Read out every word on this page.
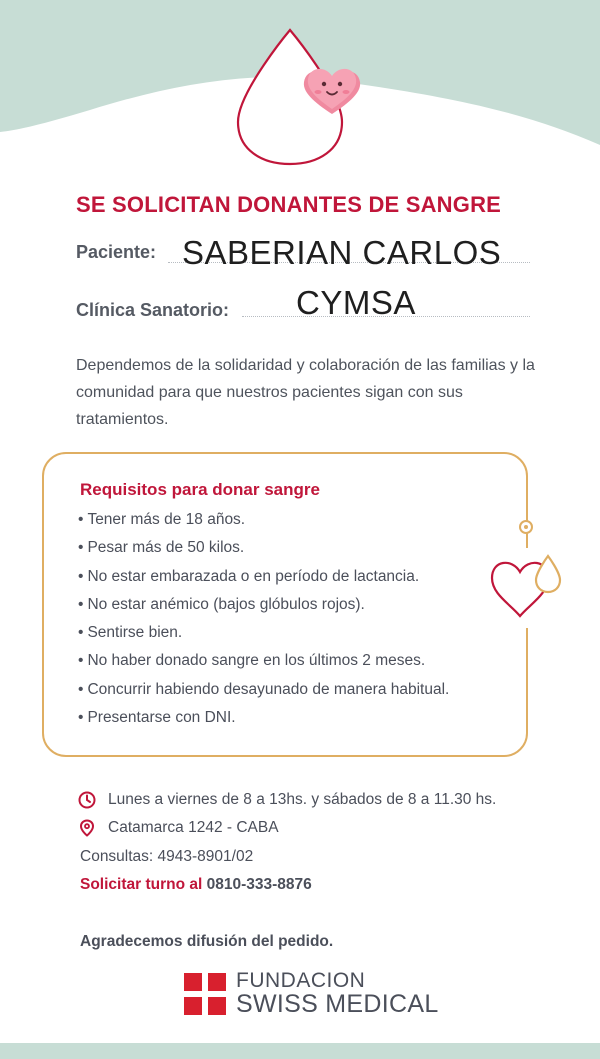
SE SOLICITAN DONANTES DE SANGRE
Paciente: SABERIAN CARLOS
Clínica Sanatorio: CYMSA
Dependemos de la solidaridad y colaboración de las familias y la comunidad para que nuestros pacientes sigan con sus tratamientos.
Requisitos para donar sangre
• Tener más de 18 años.
• Pesar más de 50 kilos.
• No estar embarazada o en período de lactancia.
• No estar anémico (bajos glóbulos rojos).
• Sentirse bien.
• No haber donado sangre en los últimos 2 meses.
• Concurrir habiendo desayunado de manera habitual.
• Presentarse con DNI.
Lunes a viernes de 8 a 13hs. y sábados de 8 a 11.30 hs.
Catamarca 1242 - CABA
Consultas: 4943-8901/02
Solicitar turno al 0810-333-8876
Agradecemos difusión del pedido.
FUNDACION
SWISS MEDICAL
